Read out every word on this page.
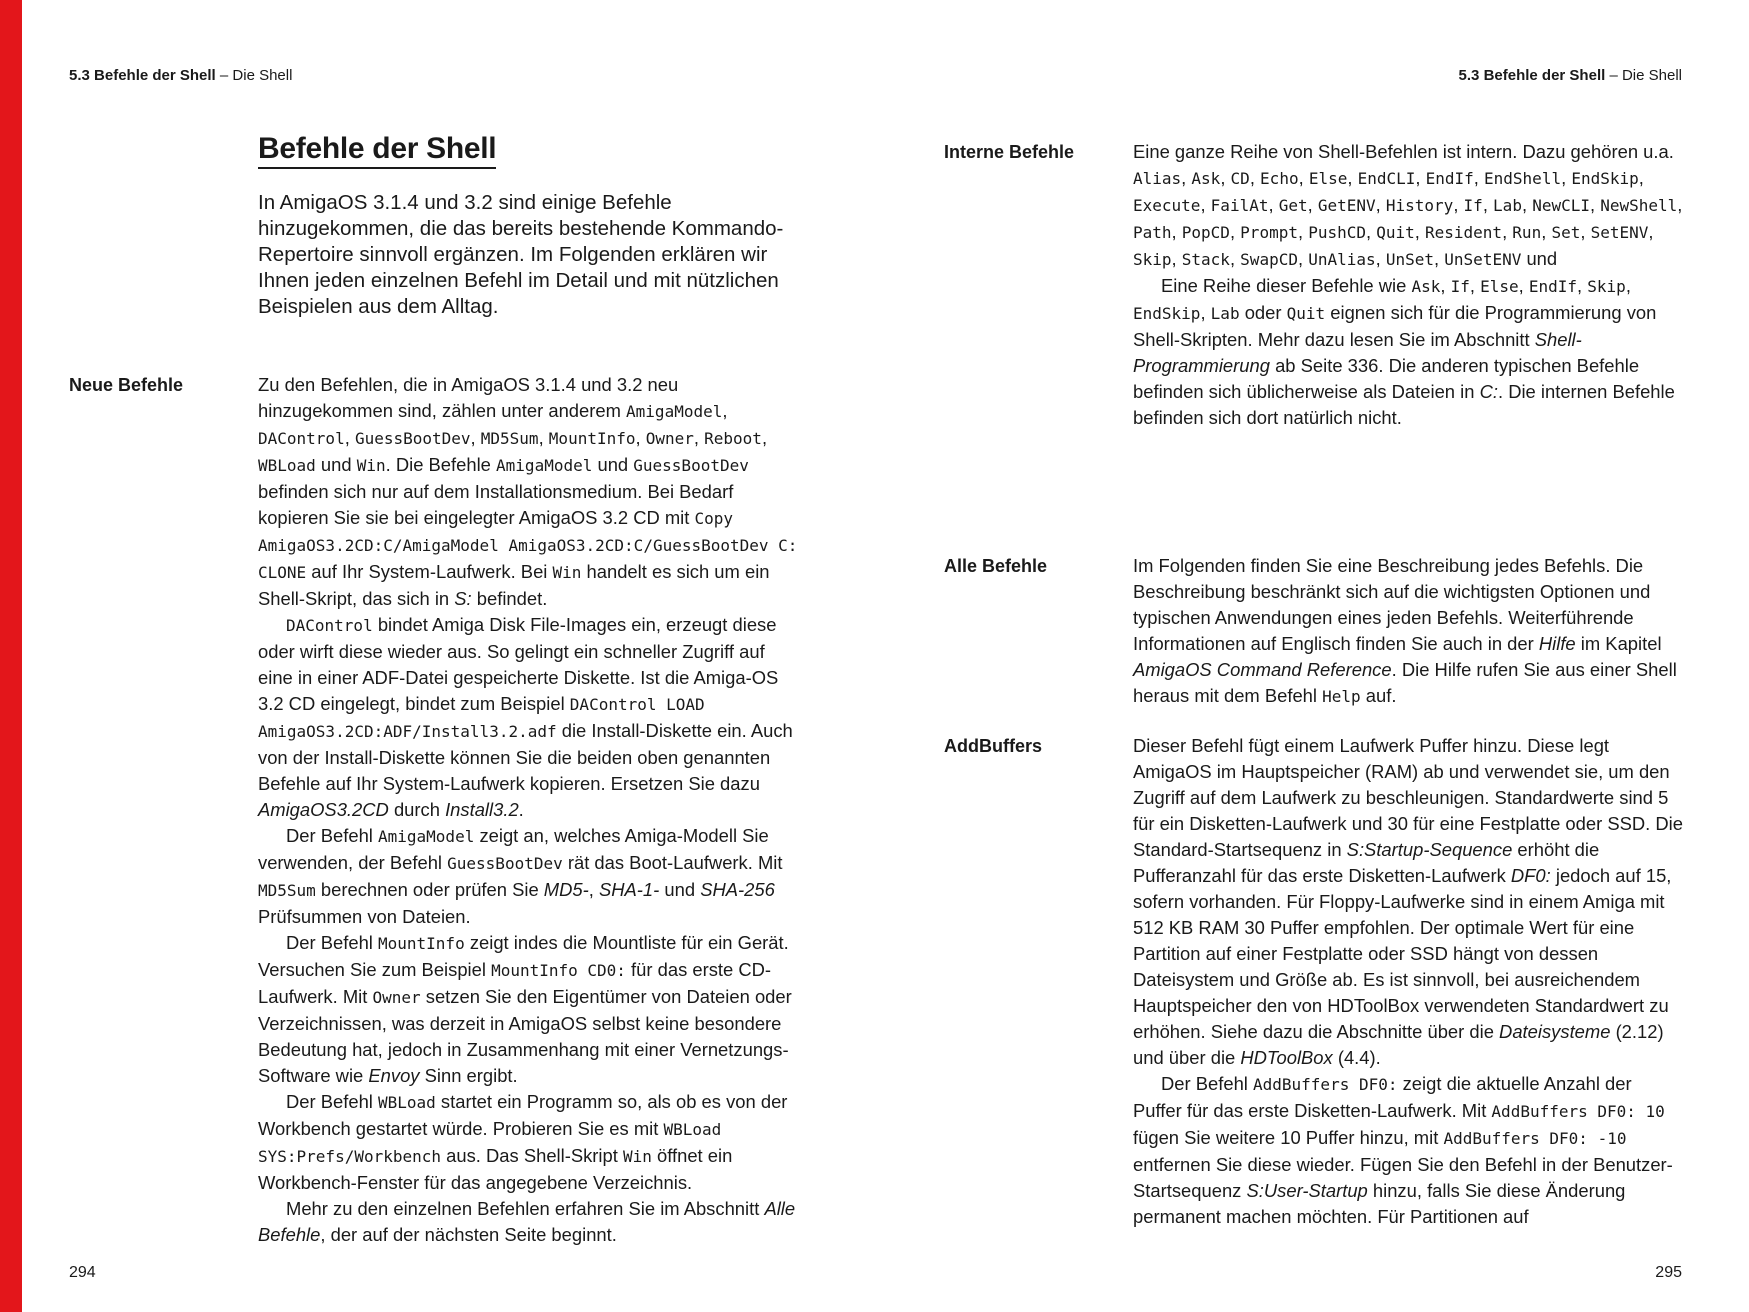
5.3 Befehle der Shell – Die Shell	5.3 Befehle der Shell – Die Shell
Befehle der Shell
In AmigaOS 3.1.4 und 3.2 sind einige Befehle hinzugekommen, die das bereits bestehende Kommando-Repertoire sinnvoll ergänzen. Im Folgenden erklären wir Ihnen jeden einzelnen Befehl im Detail und mit nützlichen Beispielen aus dem Alltag.
Neue Befehle	Zu den Befehlen, die in AmigaOS 3.1.4 und 3.2 neu hinzugekommen sind, zählen unter anderem AmigaModel, DAControl, GuessBootDev, MD5Sum, MountInfo, Owner, Reboot, WBLoad und Win. Die Befehle AmigaModel und GuessBootDev befinden sich nur auf dem Installationsmedium. Bei Bedarf kopieren Sie sie bei eingelegter AmigaOS 3.2 CD mit Copy AmigaOS3.2CD:C/AmigaModel AmigaOS3.2CD:C/GuessBootDev C: CLONE auf Ihr System-Laufwerk. Bei Win handelt es sich um ein Shell-Skript, das sich in S: befindet.

DAControl bindet Amiga Disk File-Images ein, erzeugt diese oder wirft diese wieder aus. So gelingt ein schneller Zugriff auf eine in einer ADF-Datei gespeicherte Diskette. Ist die Amiga-OS 3.2 CD eingelegt, bindet zum Beispiel DAControl LOAD AmigaOS3.2CD:ADF/Install3.2.adf die Install-Diskette ein. Auch von der Install-Diskette können Sie die beiden oben genannten Befehle auf Ihr System-Laufwerk kopieren. Ersetzen Sie dazu AmigaOS3.2CD durch Install3.2.

Der Befehl AmigaModel zeigt an, welches Amiga-Modell Sie verwenden, der Befehl GuessBootDev rät das Boot-Laufwerk. Mit MD5Sum berechnen oder prüfen Sie MD5-, SHA-1- und SHA-256 Prüfsummen von Dateien.

Der Befehl MountInfo zeigt indes die Mountliste für ein Gerät. Versuchen Sie zum Beispiel MountInfo CD0: für das erste CD-Laufwerk. Mit Owner setzen Sie den Eigentümer von Dateien oder Verzeichnissen, was derzeit in AmigaOS selbst keine besondere Bedeutung hat, jedoch in Zusammenhang mit einer Vernetzungs-Software wie Envoy Sinn ergibt.

Der Befehl WBLoad startet ein Programm so, als ob es von der Workbench gestartet würde. Probieren Sie es mit WBLoad SYS:Prefs/Workbench aus. Das Shell-Skript Win öffnet ein Workbench-Fenster für das angegebene Verzeichnis.

Mehr zu den einzelnen Befehlen erfahren Sie im Abschnitt Alle Befehle, der auf der nächsten Seite beginnt.

Interne Befehle	Eine ganze Reihe von Shell-Befehlen ist intern. Dazu gehören u.a. Alias, Ask, CD, Echo, Else, EndCLI, EndIf, EndShell, EndSkip, Execute, FailAt, Get, GetENV, History, If, Lab, NewCLI, NewShell, Path, PopCD, Prompt, PushCD, Quit, Resident, Run, Set, SetENV, Skip, Stack, SwapCD, UnAlias, UnSet, UnSetENV und

Eine Reihe dieser Befehle wie Ask, If, Else, EndIf, Skip, EndSkip, Lab oder Quit eignen sich für die Programmierung von Shell-Skripten. Mehr dazu lesen Sie im Abschnitt Shell-Programmierung ab Seite 336. Die anderen typischen Befehle befinden sich üblicherweise als Dateien in C:. Die internen Befehle befinden sich dort natürlich nicht.

Alle Befehle	Im Folgenden finden Sie eine Beschreibung jedes Befehls. Die Beschreibung beschränkt sich auf die wichtigsten Optionen und typischen Anwendungen eines jeden Befehls. Weiterführende Informationen auf Englisch finden Sie auch in der Hilfe im Kapitel AmigaOS Command Reference. Die Hilfe rufen Sie aus einer Shell heraus mit dem Befehl Help auf.

AddBuffers	Dieser Befehl fügt einem Laufwerk Puffer hinzu. Diese legt AmigaOS im Hauptspeicher (RAM) ab und verwendet sie, um den Zugriff auf dem Laufwerk zu beschleunigen. Standardwerte sind 5 für ein Disketten-Laufwerk und 30 für eine Festplatte oder SSD. Die Standard-Startsequenz in S:Startup-Sequence erhöht die Pufferanzahl für das erste Disketten-Laufwerk DF0: jedoch auf 15, sofern vorhanden. Für Floppy-Laufwerke sind in einem Amiga mit 512 KB RAM 30 Puffer empfohlen. Der optimale Wert für eine Partition auf einer Festplatte oder SSD hängt von dessen Dateisystem und Größe ab. Es ist sinnvoll, bei ausreichendem Hauptspeicher den von HDToolBox verwendeten Standardwert zu erhöhen. Siehe dazu die Abschnitte über die Dateisysteme (2.12) und über die HDToolBox (4.4).

Der Befehl AddBuffers DF0: zeigt die aktuelle Anzahl der Puffer für das erste Disketten-Laufwerk. Mit AddBuffers DF0: 10 fügen Sie weitere 10 Puffer hinzu, mit AddBuffers DF0: -10 entfernen Sie diese wieder. Fügen Sie den Befehl in der Benutzer-Startsequenz S:User-Startup hinzu, falls Sie diese Änderung permanent machen möchten. Für Partitionen auf

294	295
